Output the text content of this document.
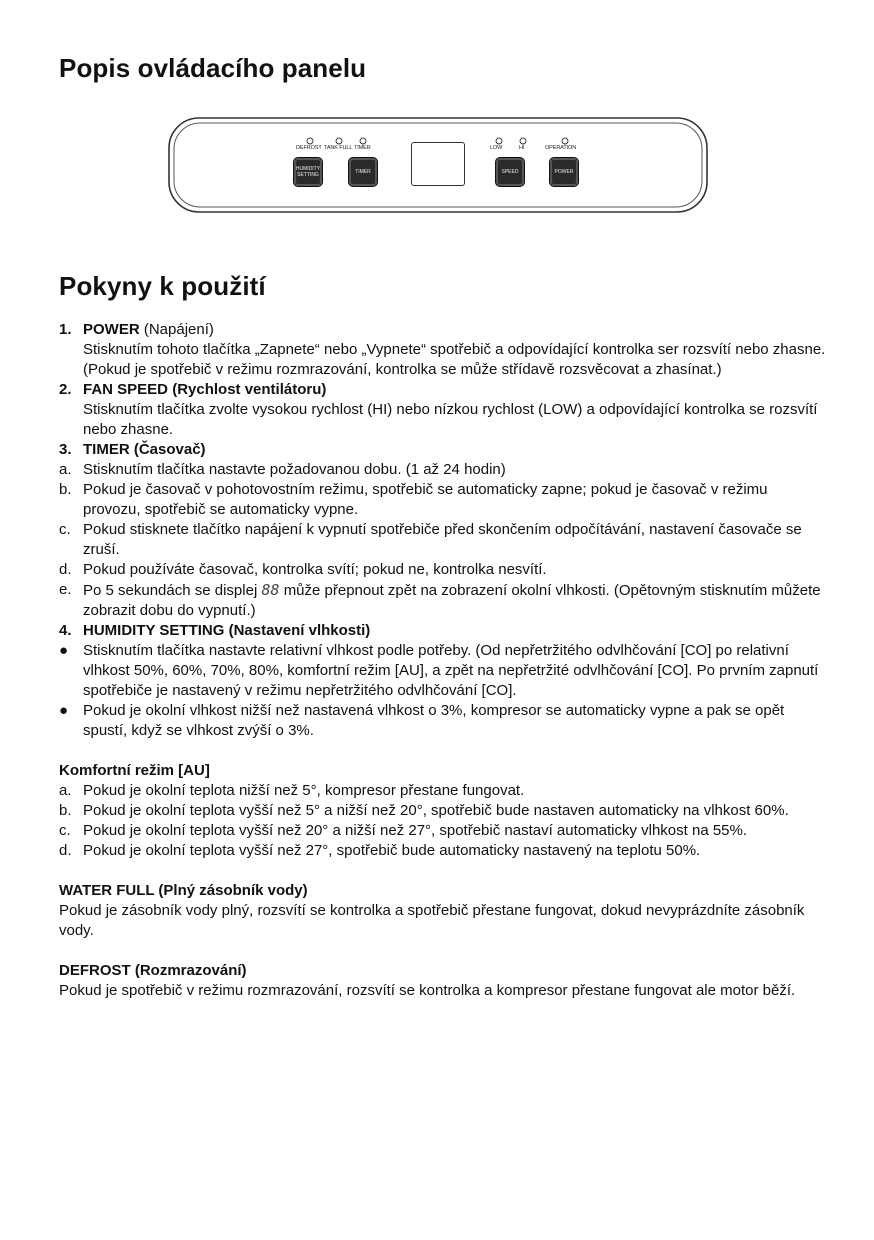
Popis ovládacího panelu
DEFROST TANK FULL TIMER	LOW	HI	OPERATION
HUMIDITY
SETTING	TIMER	SPEED	POWER
Pokyny k použití
1. POWER (Napájení)
Stisknutím tohoto tlačítka „Zapnete“ nebo „Vypnete“ spotřebič a odpovídající kontrolka ser rozsvítí nebo zhasne. (Pokud je spotřebič v režimu rozmrazování, kontrolka se může střídavě rozsvěcovat a zhasínat.)
2. FAN SPEED (Rychlost ventilátoru)
Stisknutím tlačítka zvolte vysokou rychlost (HI) nebo nízkou rychlost (LOW) a odpovídající kontrolka se rozsvítí nebo zhasne.
3. TIMER (Časovač)
a. Stisknutím tlačítka nastavte požadovanou dobu. (1 až 24 hodin)
b. Pokud je časovač v pohotovostním režimu, spotřebič se automaticky zapne; pokud je časovač v režimu provozu, spotřebič se automaticky vypne.
c. Pokud stisknete tlačítko napájení k vypnutí spotřebiče před skončením odpočítávání, nastavení časovače se zruší.
d. Pokud používáte časovač, kontrolka svítí; pokud ne, kontrolka nesvítí.
e. Po 5 sekundách se displej 88 může přepnout zpět na zobrazení okolní vlhkosti. (Opětovným stisknutím můžete zobrazit dobu do vypnutí.)
4. HUMIDITY SETTING (Nastavení vlhkosti)
● Stisknutím tlačítka nastavte relativní vlhkost podle potřeby. (Od nepřetržitého odvlhčování [CO] po relativní vlhkost 50%, 60%, 70%, 80%, komfortní režim [AU], a zpět na nepřetržité odvlhčování [CO]. Po prvním zapnutí spotřebiče je nastavený v režimu nepřetržitého odvlhčování [CO].
● Pokud je okolní vlhkost nižší než nastavená vlhkost o 3%, kompresor se automaticky vypne a pak se opět spustí, když se vlhkost zvýší o 3%.
Komfortní režim [AU]
a. Pokud je okolní teplota nižší než 5°, kompresor přestane fungovat.
b. Pokud je okolní teplota vyšší než 5° a nižší než 20°, spotřebič bude nastaven automaticky na vlhkost 60%.
c. Pokud je okolní teplota vyšší než 20° a nižší než 27°, spotřebič nastaví automaticky vlhkost na 55%.
d. Pokud je okolní teplota vyšší než 27°, spotřebič bude automaticky nastavený na teplotu 50%.
WATER FULL (Plný zásobník vody)

Pokud je zásobník vody plný, rozsvítí se kontrolka a spotřebič přestane fungovat, dokud nevyprázdníte zásobník vody.

DEFROST (Rozmrazování)

Pokud je spotřebič v režimu rozmrazování, rozsvítí se kontrolka a kompresor přestane fungovat ale motor běží.
